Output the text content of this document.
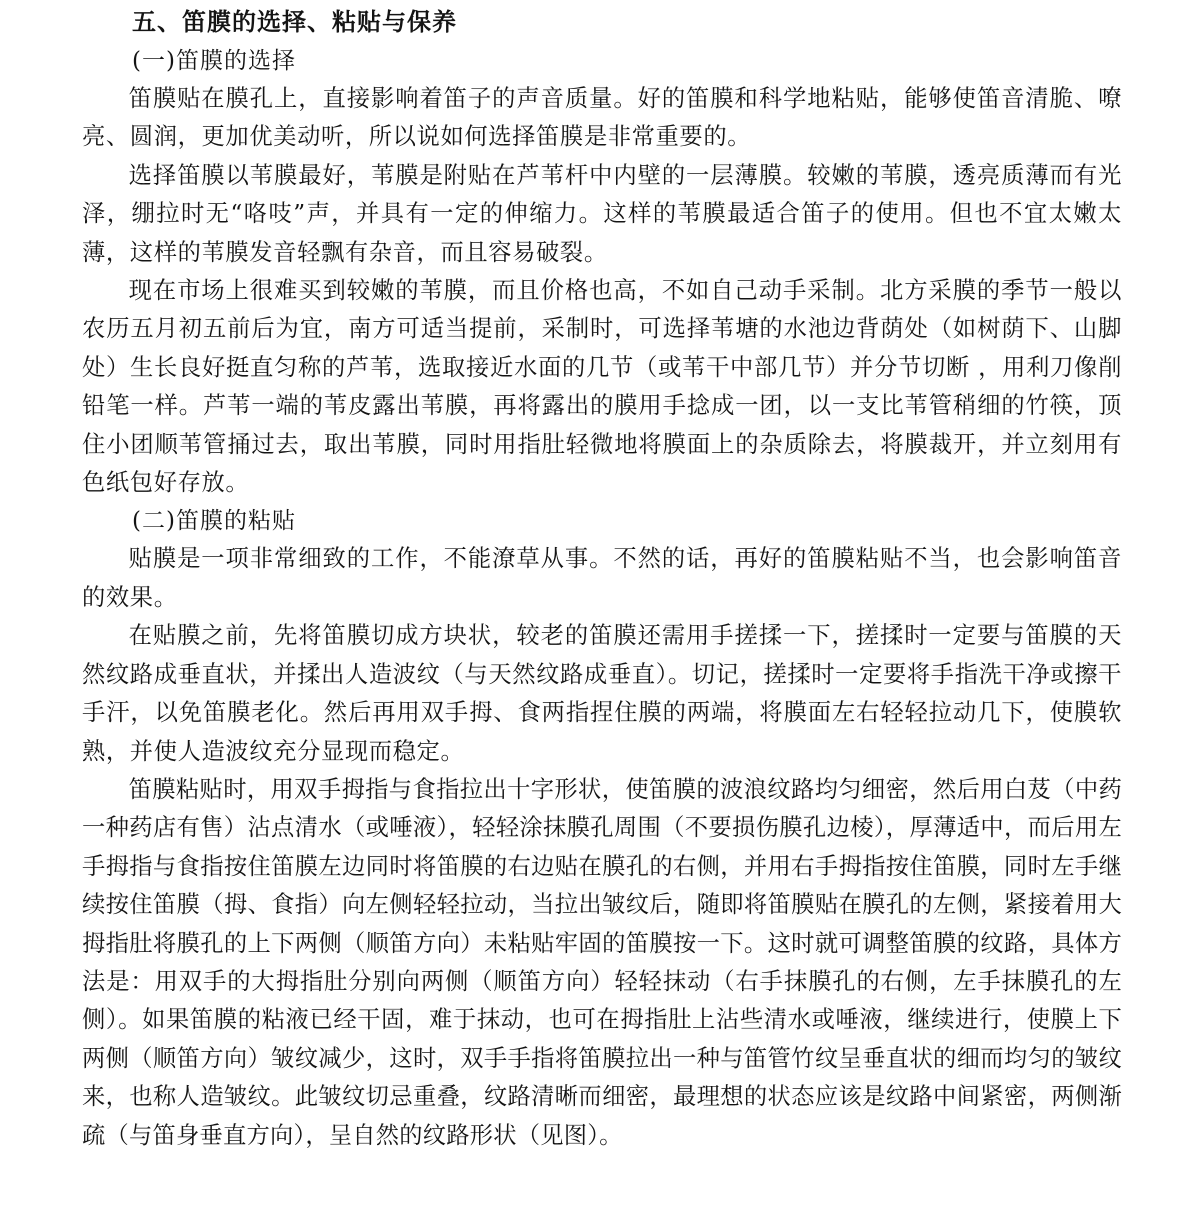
五、笛膜的选择、粘贴与保养
(一)笛膜的选择

笛膜贴在膜孔上，直接影响着笛子的声音质量。好的笛膜和科学地粘贴，能够使笛音清脆、嘹亮、圆润，更加优美动听，所以说如何选择笛膜是非常重要的。

选择笛膜以苇膜最好，苇膜是附贴在芦苇杆中内壁的一层薄膜。较嫩的苇膜，透亮质薄而有光泽，绷拉时无“咯吱”声，并具有一定的伸缩力。这样的苇膜最适合笛子的使用。但也不宜太嫩太薄，这样的苇膜发音轻飘有杂音，而且容易破裂。

现在市场上很难买到较嫩的苇膜，而且价格也高，不如自己动手采制。北方采膜的季节一般以农历五月初五前后为宜，南方可适当提前，采制时，可选择苇塘的水池边背荫处（如树荫下、山脚处）生长良好挺直匀称的芦苇，选取接近水面的几节（或苇干中部几节）并分节切断 ，用利刀像削铅笔一样。芦苇一端的苇皮露出苇膜，再将露出的膜用手捻成一团，以一支比苇管稍细的竹筷，顶住小团顺苇管捅过去，取出苇膜，同时用指肚轻微地将膜面上的杂质除去，将膜裁开，并立刻用有色纸包好存放。

(二)笛膜的粘贴

贴膜是一项非常细致的工作，不能潦草从事。不然的话，再好的笛膜粘贴不当，也会影响笛音的效果。

在贴膜之前，先将笛膜切成方块状，较老的笛膜还需用手搓揉一下，搓揉时一定要与笛膜的天然纹路成垂直状，并揉出人造波纹（与天然纹路成垂直）。切记，搓揉时一定要将手指洗干净或擦干手汗，以免笛膜老化。然后再用双手拇、食两指捏住膜的两端，将膜面左右轻轻拉动几下，使膜软熟，并使人造波纹充分显现而稳定。

笛膜粘贴时，用双手拇指与食指拉出十字形状，使笛膜的波浪纹路均匀细密，然后用白芨（中药一种药店有售）沾点清水（或唾液），轻轻涂抹膜孔周围（不要损伤膜孔边棱），厚薄适中，而后用左手拇指与食指按住笛膜左边同时将笛膜的右边贴在膜孔的右侧，并用右手拇指按住笛膜，同时左手继续按住笛膜（拇、食指）向左侧轻轻拉动，当拉出皱纹后，随即将笛膜贴在膜孔的左侧，紧接着用大拇指肚将膜孔的上下两侧（顺笛方向）未粘贴牢固的笛膜按一下。这时就可调整笛膜的纹路，具体方法是：用双手的大拇指肚分别向两侧（顺笛方向）轻轻抹动（右手抹膜孔的右侧，左手抹膜孔的左侧）。如果笛膜的粘液已经干固，难于抹动，也可在拇指肚上沾些清水或唾液，继续进行，使膜上下两侧（顺笛方向）皱纹减少，这时，双手手指将笛膜拉出一种与笛管竹纹呈垂直状的细而均匀的皱纹来，也称人造皱纹。此皱纹切忌重叠，纹路清晰而细密，最理想的状态应该是纹路中间紧密，两侧渐疏（与笛身垂直方向），呈自然的纹路形状（见图）。
